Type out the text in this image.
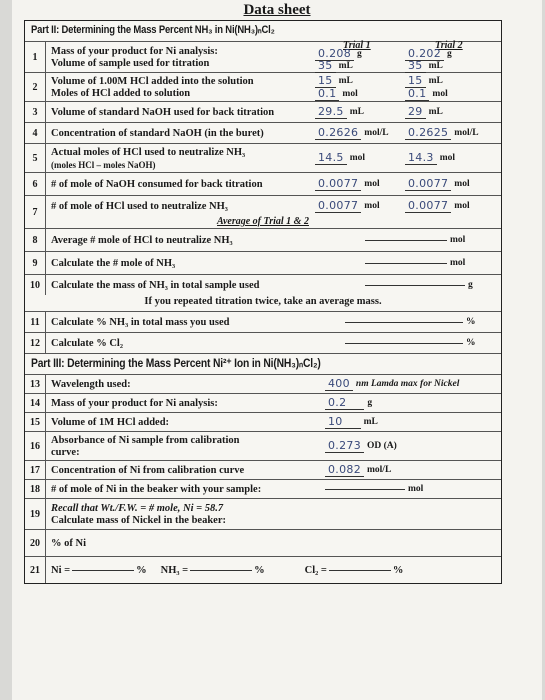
Data sheet
Part II: Determining the Mass Percent NH₃ in Ni(NH₃)ₙCl₂
1	Mass of your product for Ni analysis:
Volume of sample used for titration
Trial 1	Trial 2
0.208 g	0.202 g
35 mL	35 mL
2	Volume of 1.00M HCl added into the solution
Moles of HCl added to solution
15 mL	15 mL
0.1 mol	0.1 mol
3	Volume of standard NaOH used for back titration	29.5 mL	29 mL
4	Concentration of standard NaOH (in the buret)	0.2626 mol/L 0.2625 mol/L
5
Actual moles of HCl used to neutralize NH₃
(moles HCl – moles NaOH)
14.5 mol	14.3 mol
6	# of mole of NaOH consumed for back titration	0.0077 mol	0.0077 mol
7
# of mole of HCl used to neutralize NH₃	0.0077 mol	0.0077 mol
Average of Trial 1 & 2
8	Average # mole of HCl to neutralize NH₃	mol
9	Calculate the # mole of NH₃	mol
10	Calculate the mass of NH₃ in total sample used	g
If you repeated titration twice, take an average mass.
11	Calculate % NH₃ in total mass you used	%
12	Calculate % Cl₂	%
Part III: Determining the Mass Percent Ni²⁺ Ion in Ni(NH₃)ₙCl₂)
13	Wavelength used:	400 nm Lamda max for Nickel
14	Mass of your product for Ni analysis:	0.2	g
15	Volume of 1M HCl added:	10	mL
16	Absorbance of Ni sample from calibration
curve:
0.273 OD (A)
17	Concentration of Ni from calibration curve	0.082 mol/L
18	# of mole of Ni in the beaker with your sample:	mol
19	Recall that Wt./F.W. = # mole, Ni = 58.7
Calculate mass of Nickel in the beaker:
20	% of Ni
21	Ni =	% NH₃ =	%	Cl₂ =	%
